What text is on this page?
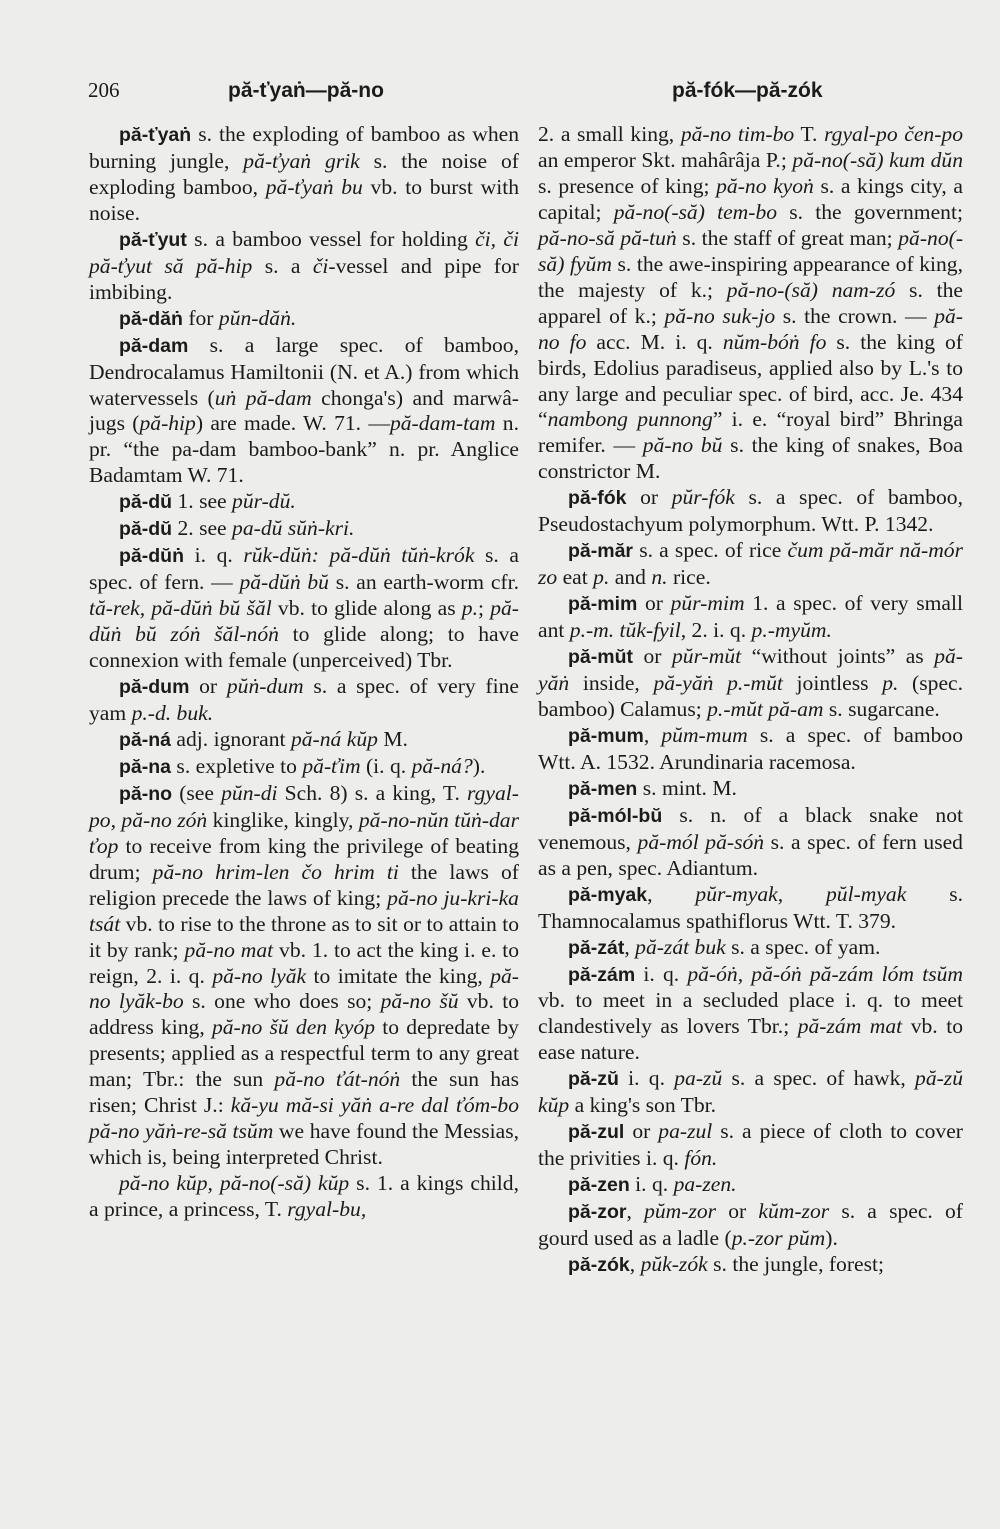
206	pă-ťyaṅ—pă-no	pă-fók—pă-zók

pă-ťyaṅ s. the exploding of bamboo as when burning jungle, pă-ťyaṅ grik s. the noise of exploding bamboo, pă-ťyaṅ bu vb. to burst with noise.

pă-ťyut s. a bamboo vessel for holding či, či pă-ťyut să pă-hip s. a či-vessel and pipe for imbibing.

pă-dăṅ for pŭn-dăṅ.

pă-dam s. a large spec. of bamboo, Dendrocalamus Hamiltonii (N. et A.) from which watervessels (uṅ pă-dam chonga's) and marwâ-jugs (pă-hip) are made. W. 71. —pă-dam-tam n. pr. “the pa-dam bamboo-bank” n. pr. Anglice Badamtam W. 71.

pă-dŭ 1. see pŭr-dŭ.

pă-dŭ 2. see pa-dŭ sŭṅ-kri.

pă-dŭṅ i. q. rŭk-dŭṅ: pă-dŭṅ tŭṅ-krók s. a spec. of fern. — pă-dŭṅ bŭ s. an earth-worm cfr. tă-rek, pă-dŭṅ bŭ šăl vb. to glide along as p.; pă-dŭṅ bŭ zóṅ šăl-nóṅ to glide along; to have connexion with female (unperceived) Tbr.

pă-dum or pŭṅ-dum s. a spec. of very fine yam p.-d. buk.

pă-ná adj. ignorant pă-ná kŭp M.

pă-na s. expletive to pă-ťim (i. q. pă-ná?).

pă-no (see pŭn-di Sch. 8) s. a king, T. rgyal-po, pă-no zóṅ kinglike, kingly, pă-no-nŭn tŭṅ-dar ťop to receive from king the privilege of beating drum; pă-no hrim-len čo hrim ti the laws of religion precede the laws of king; pă-no ju-kri-ka tsát vb. to rise to the throne as to sit or to attain to it by rank; pă-no mat vb. 1. to act the king i. e. to reign, 2. i. q. pă-no lyăk to imitate the king, pă-no lyăk-bo s. one who does so; pă-no šŭ vb. to address king, pă-no šŭ den kyóp to depredate by presents; applied as a respectful term to any great man; Tbr.: the sun pă-no ťát-nóṅ the sun has risen; Christ J.: kă-yu mă-si yăṅ a-re dal ťóm-bo pă-no yăṅ-re-să tsŭm we have found the Messias, which is, being interpreted Christ.

pă-no kŭp, pă-no(-să) kŭp s. 1. a kings child, a prince, a princess, T. rgyal-bu,

2. a small king, pă-no tim-bo T. rgyal-po čen-po an emperor Skt. mahârâja P.; pă-no(-să) kum dŭn s. presence of king; pă-no kyoṅ s. a kings city, a capital; pă-no(-să) tem-bo s. the government; pă-no-să pă-tuṅ s. the staff of great man; pă-no(-să) fyŭm s. the awe-inspiring appearance of king, the majesty of k.; pă-no-(să) nam-zó s. the apparel of k.; pă-no suk-jo s. the crown. — pă-no fo acc. M. i. q. nŭm-bóṅ fo s. the king of birds, Edolius paradiseus, applied also by L.'s to any large and peculiar spec. of bird, acc. Je. 434 “nambong punnong” i. e. “royal bird” Bhringa remifer. — pă-no bŭ s. the king of snakes, Boa constrictor M.

pă-fók or pŭr-fók s. a spec. of bamboo, Pseudostachyum polymorphum. Wtt. P. 1342.

pă-măr s. a spec. of rice čum pă-măr nă-mór zo eat p. and n. rice.

pă-mim or pŭr-mim 1. a spec. of very small ant p.-m. tŭk-fyil, 2. i. q. p.-myŭm.

pă-mŭt or pŭr-mŭt “without joints” as pă-yăṅ inside, pă-yăṅ p.-mŭt jointless p. (spec. bamboo) Calamus; p.-mŭt pă-am s. sugarcane.

pă-mum, pŭm-mum s. a spec. of bamboo Wtt. A. 1532. Arundinaria racemosa.

pă-men s. mint. M.

pă-mól-bŭ s. n. of a black snake not venemous, pă-mól pă-sóṅ s. a spec. of fern used as a pen, spec. Adiantum.

pă-myak, pŭr-myak, pŭl-myak s. Thamnocalamus spathiflorus Wtt. T. 379.

pă-zát, pă-zát buk s. a spec. of yam.

pă-zám i. q. pă-óṅ, pă-óṅ pă-zám lóm tsŭm vb. to meet in a secluded place i. q. to meet clandestively as lovers Tbr.; pă-zám mat vb. to ease nature.

pă-zŭ i. q. pa-zŭ s. a spec. of hawk, pă-zŭ kŭp a king's son Tbr.

pă-zul or pa-zul s. a piece of cloth to cover the privities i. q. fón.

pă-zen i. q. pa-zen.

pă-zor, pŭm-zor or kŭm-zor s. a spec. of gourd used as a ladle (p.-zor pŭm).

pă-zók, pŭk-zók s. the jungle, forest;
